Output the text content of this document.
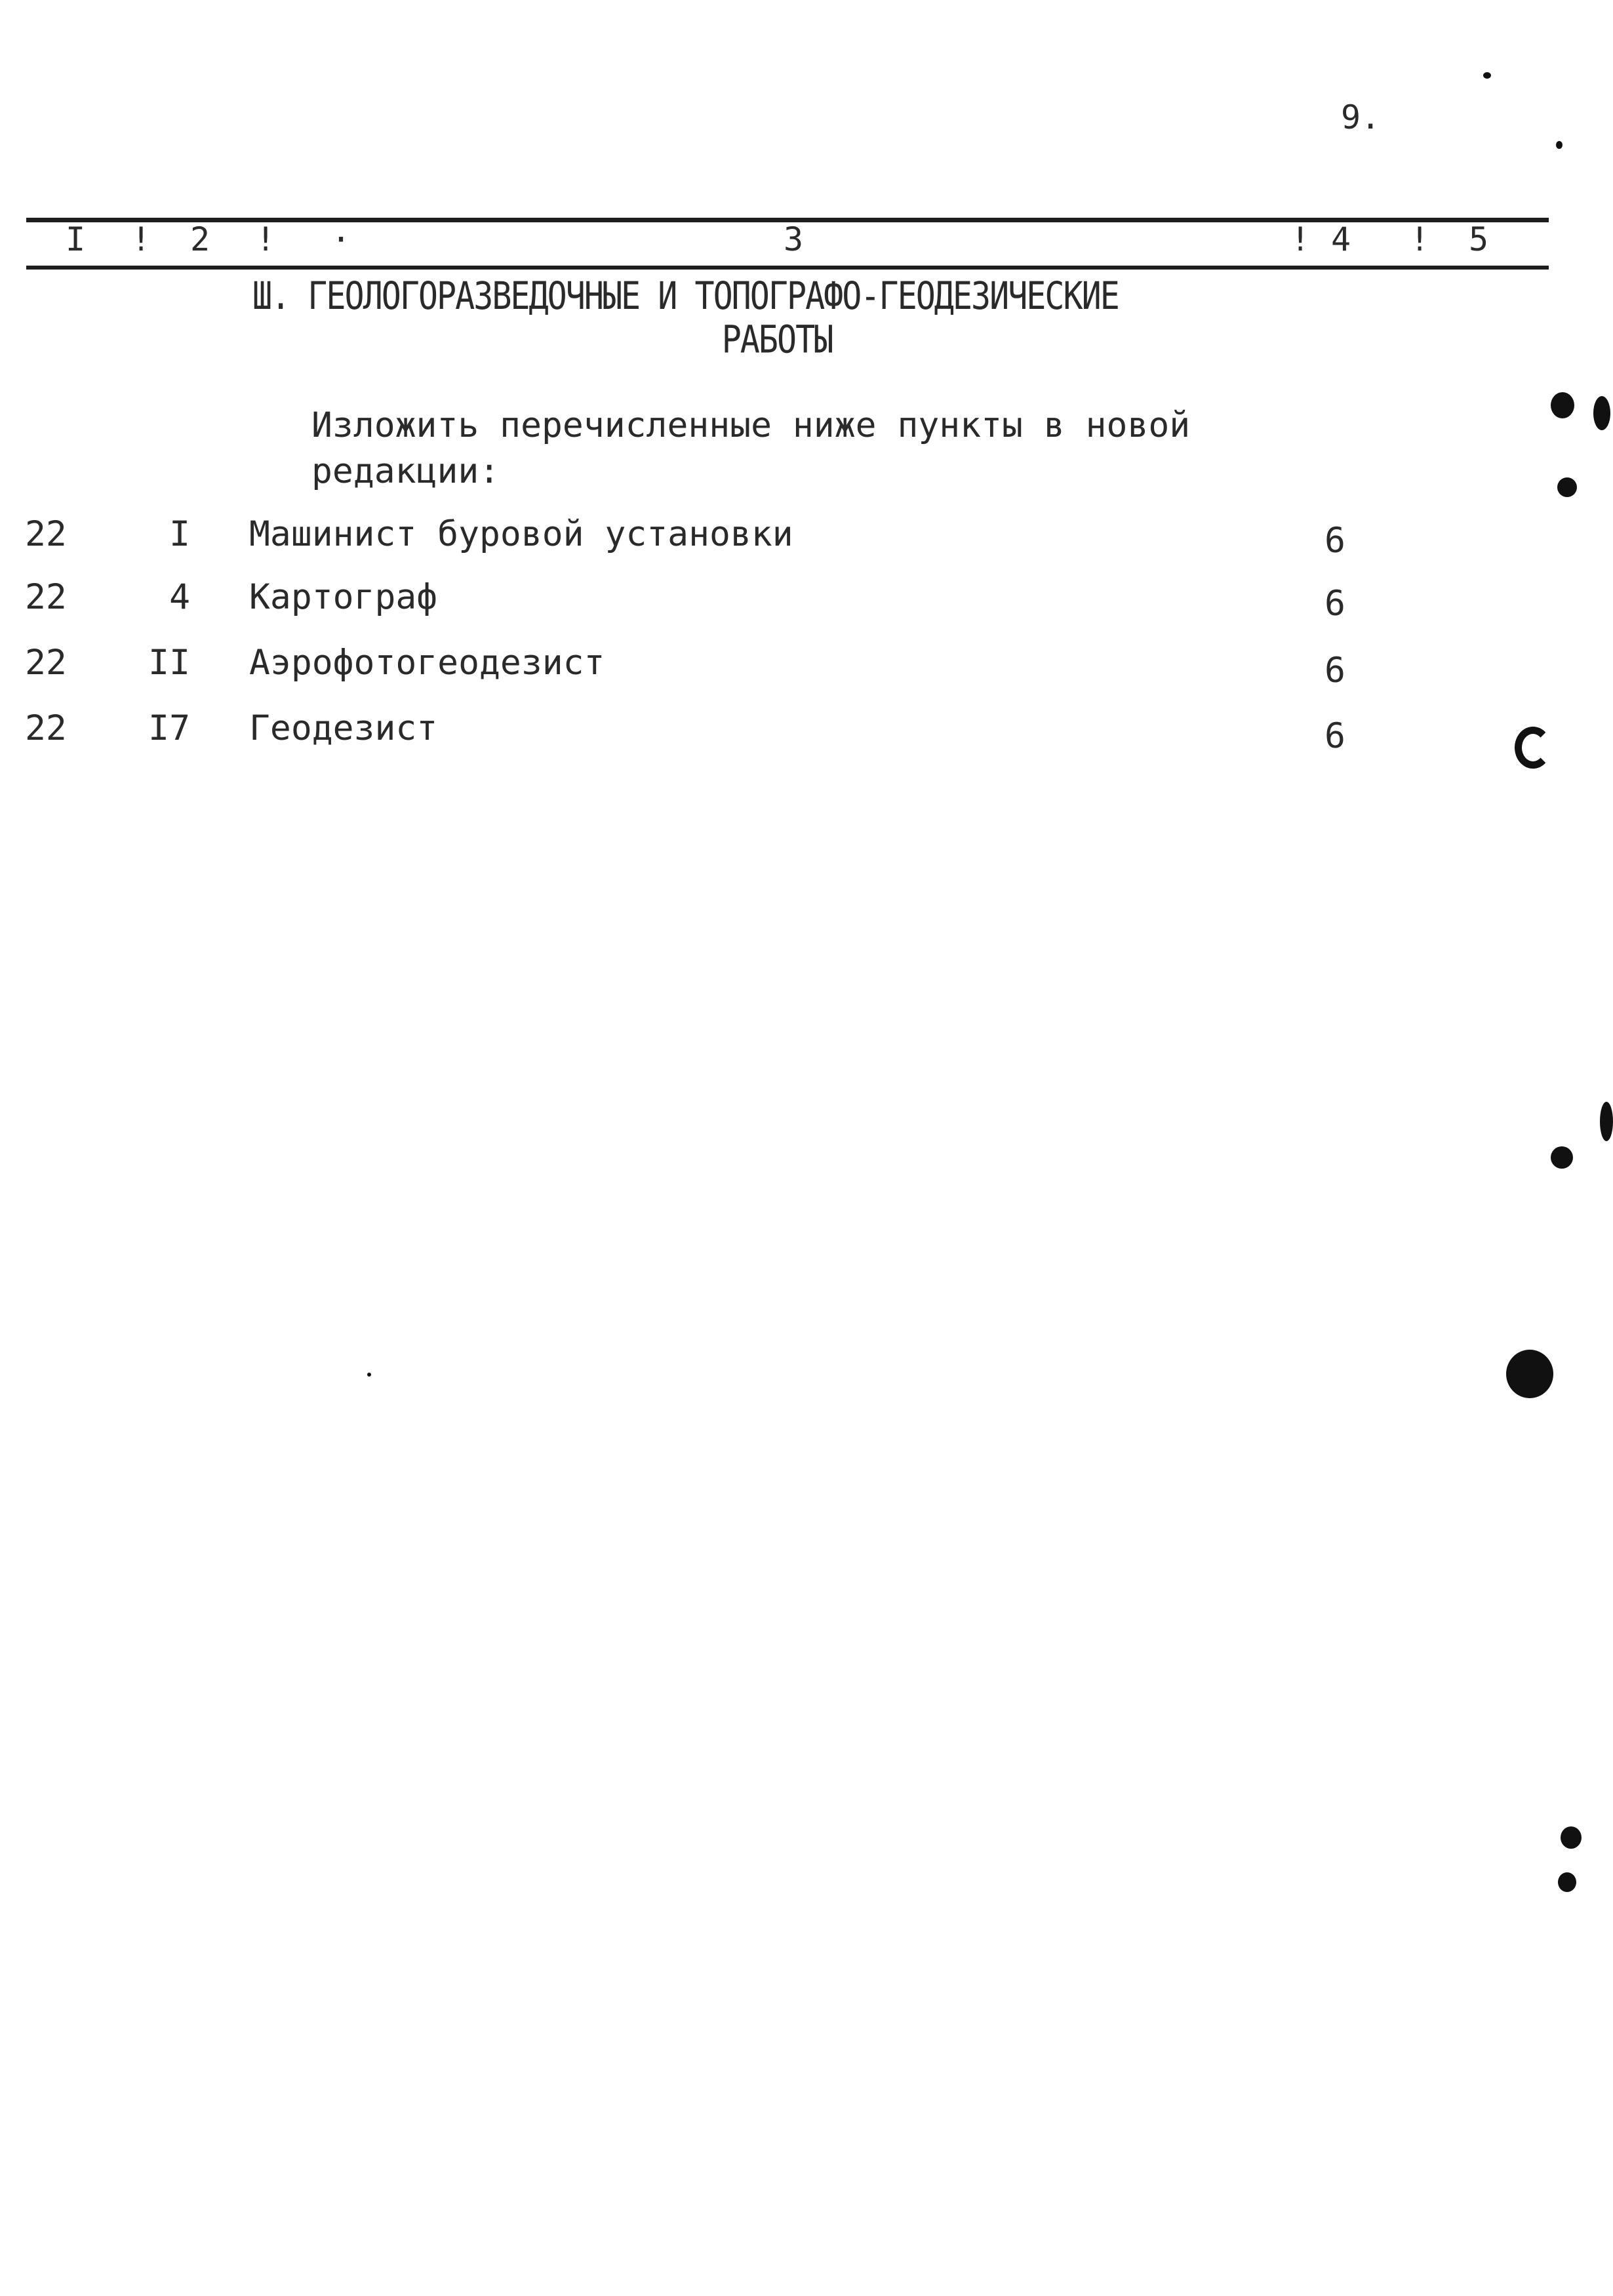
9.
I ! 2 ! ·	3	! 4 ! 5
Ш. ГЕОЛОГОРАЗВЕДОЧНЫЕ И ТОПОГРАФО-ГЕОДЕЗИЧЕСКИЕ
РАБОТЫ
Изложить перечисленные ниже пункты в новой
редакции:
22	I Машинист буровой установки	6
22	4 Картограф	6
22	II Аэрофотогеодезист	6
22	I7 Геодезист	6
